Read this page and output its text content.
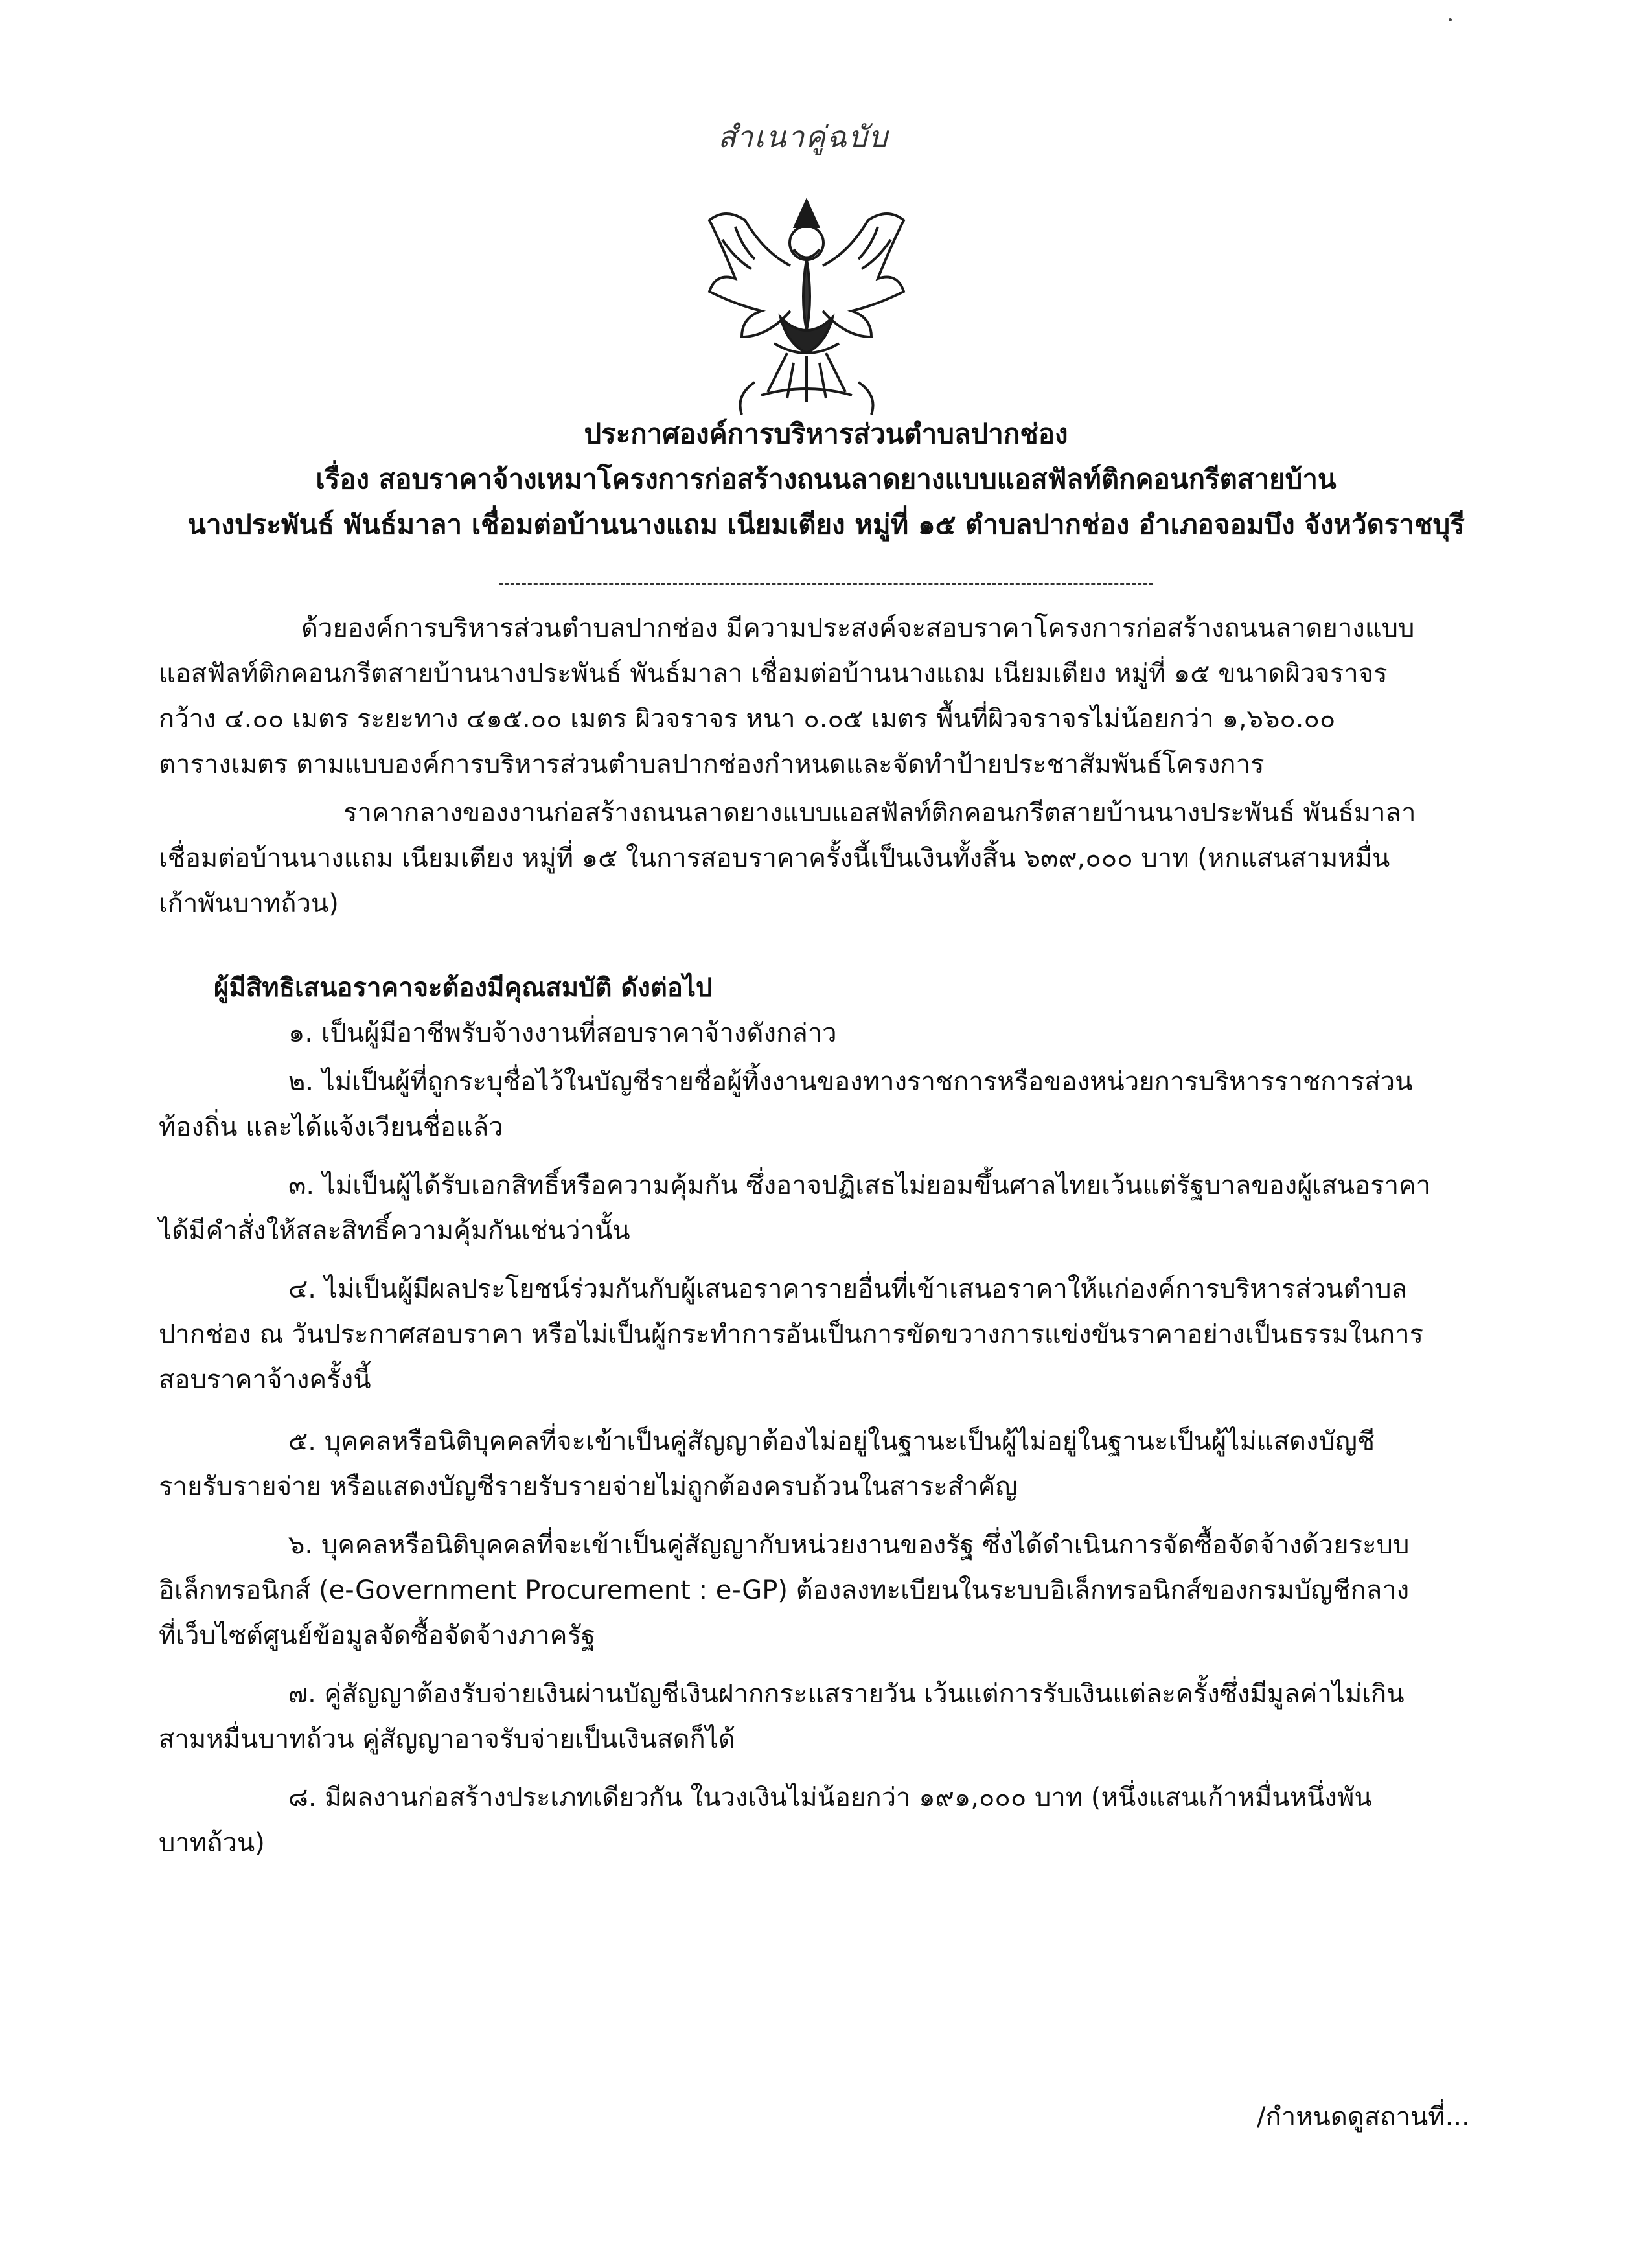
สำเนาคู่ฉบับ
ประกาศองค์การบริหารส่วนตำบลปากช่อง
เรื่อง สอบราคาจ้างเหมาโครงการก่อสร้างถนนลาดยางแบบแอสฟัลท์ติกคอนกรีตสายบ้าน
นางประพันธ์ พันธ์มาลา เชื่อมต่อบ้านนางแถม เนียมเตียง หมู่ที่ ๑๕ ตำบลปากช่อง อำเภอจอมบึง จังหวัดราชบุรี
ด้วยองค์การบริหารส่วนตำบลปากช่อง มีความประสงค์จะสอบราคาโครงการก่อสร้างถนนลาดยางแบบ
แอสฟัลท์ติกคอนกรีตสายบ้านนางประพันธ์ พันธ์มาลา เชื่อมต่อบ้านนางแถม เนียมเตียง หมู่ที่ ๑๕ ขนาดผิวจราจร
กว้าง ๔.๐๐ เมตร ระยะทาง ๔๑๕.๐๐ เมตร ผิวจราจร หนา ๐.๐๕ เมตร พื้นที่ผิวจราจรไม่น้อยกว่า ๑,๖๖๐.๐๐
ตารางเมตร ตามแบบองค์การบริหารส่วนตำบลปากช่องกำหนดและจัดทำป้ายประชาสัมพันธ์โครงการ
ราคากลางของงานก่อสร้างถนนลาดยางแบบแอสฟัลท์ติกคอนกรีตสายบ้านนางประพันธ์ พันธ์มาลา
เชื่อมต่อบ้านนางแถม เนียมเตียง หมู่ที่ ๑๕ ในการสอบราคาครั้งนี้เป็นเงินทั้งสิ้น ๖๓๙,๐๐๐ บาท (หกแสนสามหมื่น
เก้าพันบาทถ้วน)
ผู้มีสิทธิเสนอราคาจะต้องมีคุณสมบัติ ดังต่อไป
๑. เป็นผู้มีอาชีพรับจ้างงานที่สอบราคาจ้างดังกล่าว
๒. ไม่เป็นผู้ที่ถูกระบุชื่อไว้ในบัญชีรายชื่อผู้ทิ้งงานของทางราชการหรือของหน่วยการบริหารราชการส่วน
ท้องถิ่น และได้แจ้งเวียนชื่อแล้ว
๓. ไม่เป็นผู้ได้รับเอกสิทธิ์หรือความคุ้มกัน ซึ่งอาจปฏิเสธไม่ยอมขึ้นศาลไทยเว้นแต่รัฐบาลของผู้เสนอราคา
ได้มีคำสั่งให้สละสิทธิ์ความคุ้มกันเช่นว่านั้น
๔. ไม่เป็นผู้มีผลประโยชน์ร่วมกันกับผู้เสนอราคารายอื่นที่เข้าเสนอราคาให้แก่องค์การบริหารส่วนตำบล
ปากช่อง ณ วันประกาศสอบราคา หรือไม่เป็นผู้กระทำการอันเป็นการขัดขวางการแข่งขันราคาอย่างเป็นธรรมในการ
สอบราคาจ้างครั้งนี้
๕. บุคคลหรือนิติบุคคลที่จะเข้าเป็นคู่สัญญาต้องไม่อยู่ในฐานะเป็นผู้ไม่อยู่ในฐานะเป็นผู้ไม่แสดงบัญชี
รายรับรายจ่าย หรือแสดงบัญชีรายรับรายจ่ายไม่ถูกต้องครบถ้วนในสาระสำคัญ
๖. บุคคลหรือนิติบุคคลที่จะเข้าเป็นคู่สัญญากับหน่วยงานของรัฐ ซึ่งได้ดำเนินการจัดซื้อจัดจ้างด้วยระบบ
อิเล็กทรอนิกส์ (e-Government Procurement : e-GP) ต้องลงทะเบียนในระบบอิเล็กทรอนิกส์ของกรมบัญชีกลาง
ที่เว็บไซต์ศูนย์ข้อมูลจัดซื้อจัดจ้างภาครัฐ
๗. คู่สัญญาต้องรับจ่ายเงินผ่านบัญชีเงินฝากกระแสรายวัน เว้นแต่การรับเงินแต่ละครั้งซึ่งมีมูลค่าไม่เกิน
สามหมื่นบาทถ้วน คู่สัญญาอาจรับจ่ายเป็นเงินสดก็ได้
๘. มีผลงานก่อสร้างประเภทเดียวกัน ในวงเงินไม่น้อยกว่า ๑๙๑,๐๐๐ บาท (หนึ่งแสนเก้าหมื่นหนึ่งพัน
บาทถ้วน)
/กำหนดดูสถานที่...
